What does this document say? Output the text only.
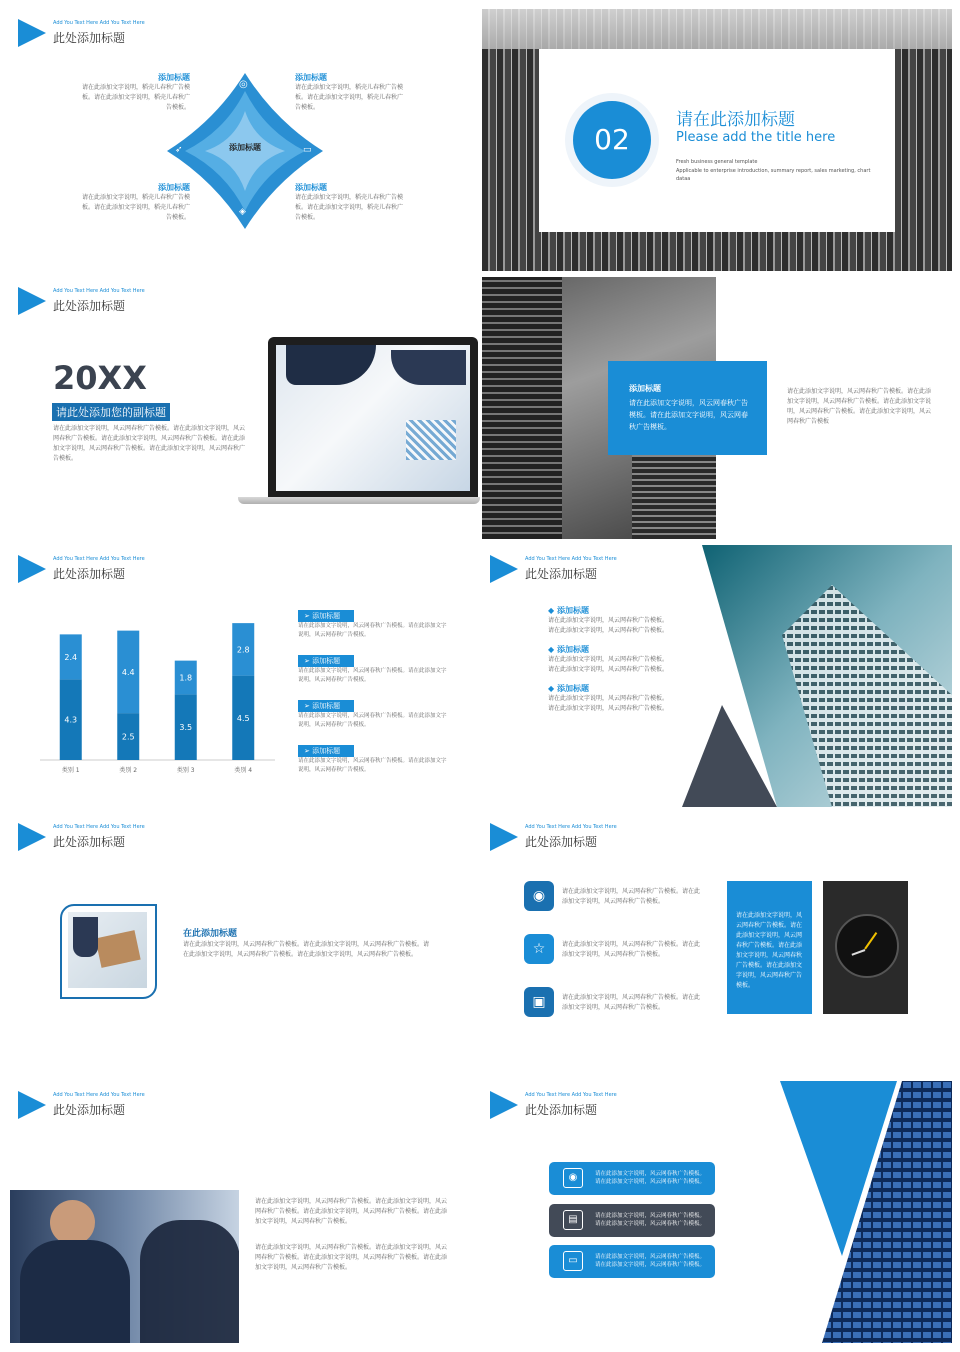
Add You Text Here Add You Text Here
此处添加标题
添加标题
◎
➶	▭
◈
添加标题
请在此添加文字说明，稻壳儿春秋广告模板。请在此添加文字说明，稻壳儿春秋广告模板。
添加标题
请在此添加文字说明，稻壳儿春秋广告模板。请在此添加文字说明，稻壳儿春秋广告模板。
添加标题
请在此添加文字说明，稻壳儿春秋广告模板。请在此添加文字说明，稻壳儿春秋广告模板。
添加标题
请在此添加文字说明，稻壳儿春秋广告模板。请在此添加文字说明，稻壳儿春秋广告模板。
02
请在此添加标题
Please add the title here
Fresh business general template
Applicable to enterprise introduction, summary report, sales marketing, chart dataa
Add You Text Here Add You Text Here
此处添加标题
20XX
请此处添加您的副标题
请在此添加文字说明，风云网春秋广告模板。请在此添加文字说明，风云网春秋广告模板。请在此添加文字说明，风云网春秋广告模板。请在此添加文字说明，风云网春秋广告模板。请在此添加文字说明，风云网春秋广告模板。
添加标题
请在此添加文字说明，风云网春秋广告模板。请在此添加文字说明，风云网春秋广告模板。
请在此添加文字说明，风云网春秋广告模板。请在此添加文字说明，风云网春秋广告模板。请在此添加文字说明，风云网春秋广告模板。请在此添加文字说明，风云网春秋广告模板
Add You Text Here Add You Text Here
此处添加标题
4.3
2.4
类别 1
2.5
4.4
类别 2
3.5
1.8
类别 3
4.5
2.8
类别 4
➢ 添加标题
请在此添加文字说明，风云网春秋广告模板。请在此添加文字说明，风云网春秋广告模板。
➢ 添加标题
请在此添加文字说明，风云网春秋广告模板。请在此添加文字说明，风云网春秋广告模板。
➢ 添加标题
请在此添加文字说明，风云网春秋广告模板。请在此添加文字说明，风云网春秋广告模板。
➢ 添加标题
请在此添加文字说明，风云网春秋广告模板。请在此添加文字说明，风云网春秋广告模板。
Add You Text Here Add You Text Here
此处添加标题
◆ 添加标题
请在此添加文字说明，风云网春秋广告模板。请在此添加文字说明，风云网春秋广告模板。
◆ 添加标题
请在此添加文字说明，风云网春秋广告模板。请在此添加文字说明，风云网春秋广告模板。
◆ 添加标题
请在此添加文字说明，风云网春秋广告模板。请在此添加文字说明，风云网春秋广告模板。
Add You Text Here Add You Text Here
此处添加标题
在此添加标题
请在此添加文字说明，风云网春秋广告模板。请在此添加文字说明，风云网春秋广告模板。请在此添加文字说明，风云网春秋广告模板。请在此添加文字说明，风云网春秋广告模板。
Add You Text Here Add You Text Here
此处添加标题
◉	请在此添加文字说明，风云网春秋广告模板。请在此添加文字说明，风云网春秋广告模板。
☆	请在此添加文字说明，风云网春秋广告模板。请在此添加文字说明，风云网春秋广告模板。
▣	请在此添加文字说明，风云网春秋广告模板。请在此添加文字说明，风云网春秋广告模板。
请在此添加文字说明，风云网春秋广告模板。请在此添加文字说明，风云网春秋广告模板。请在此添加文字说明，风云网春秋广告模板。请在此添加文字说明，风云网春秋广告模板。
Add You Text Here Add You Text Here
此处添加标题
请在此添加文字说明，风云网春秋广告模板。请在此添加文字说明，风云网春秋广告模板。请在此添加文字说明，风云网春秋广告模板。请在此添加文字说明，风云网春秋广告模板。
请在此添加文字说明，风云网春秋广告模板。请在此添加文字说明，风云网春秋广告模板。请在此添加文字说明，风云网春秋广告模板。请在此添加文字说明，风云网春秋广告模板。
Add You Text Here Add You Text Here
此处添加标题
◉	请在此添加文字说明，风云网春秋广告模板。请在此添加文字说明，风云网春秋广告模板。
▤	请在此添加文字说明，风云网春秋广告模板。请在此添加文字说明，风云网春秋广告模板。
▭	请在此添加文字说明，风云网春秋广告模板。请在此添加文字说明，风云网春秋广告模板。
